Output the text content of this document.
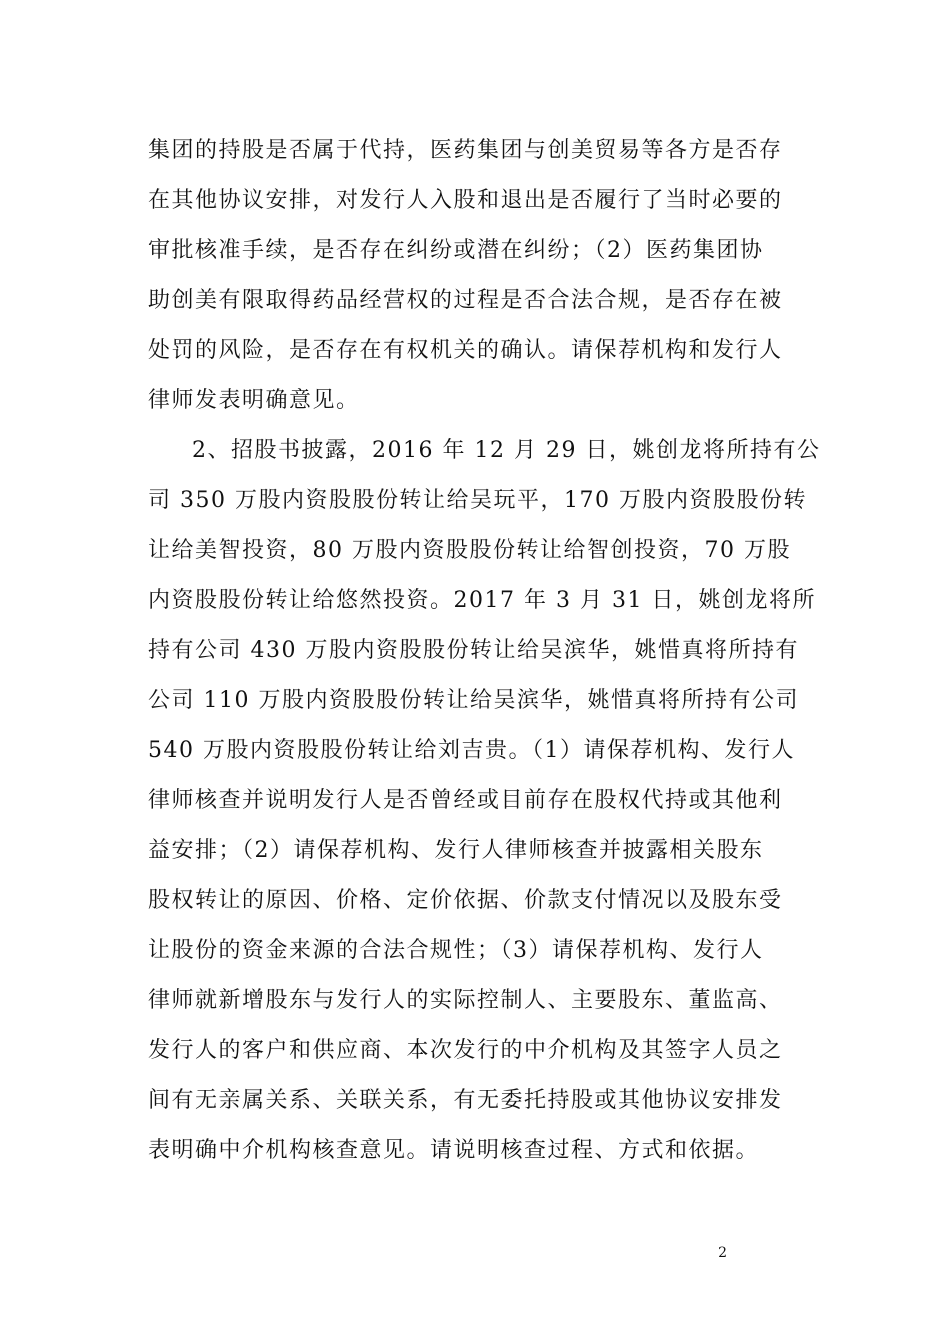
集团的持股是否属于代持，医药集团与创美贸易等各方是否存
在其他协议安排，对发行人入股和退出是否履行了当时必要的
审批核准手续，是否存在纠纷或潜在纠纷；（2）医药集团协
助创美有限取得药品经营权的过程是否合法合规，是否存在被
处罚的风险，是否存在有权机关的确认。请保荐机构和发行人
律师发表明确意见。
2、招股书披露，2016 年 12 月 29 日，姚创龙将所持有公
司 350 万股内资股股份转让给吴玩平，170 万股内资股股份转
让给美智投资，80 万股内资股股份转让给智创投资，70 万股
内资股股份转让给悠然投资。2017 年 3 月 31 日，姚创龙将所
持有公司 430 万股内资股股份转让给吴滨华，姚惜真将所持有
公司 110 万股内资股股份转让给吴滨华，姚惜真将所持有公司
540 万股内资股股份转让给刘吉贵。（1）请保荐机构、发行人
律师核查并说明发行人是否曾经或目前存在股权代持或其他利
益安排；（2）请保荐机构、发行人律师核查并披露相关股东
股权转让的原因、价格、定价依据、价款支付情况以及股东受
让股份的资金来源的合法合规性；（3）请保荐机构、发行人
律师就新增股东与发行人的实际控制人、主要股东、董监高、
发行人的客户和供应商、本次发行的中介机构及其签字人员之
间有无亲属关系、关联关系，有无委托持股或其他协议安排发
表明确中介机构核查意见。请说明核查过程、方式和依据。
2
